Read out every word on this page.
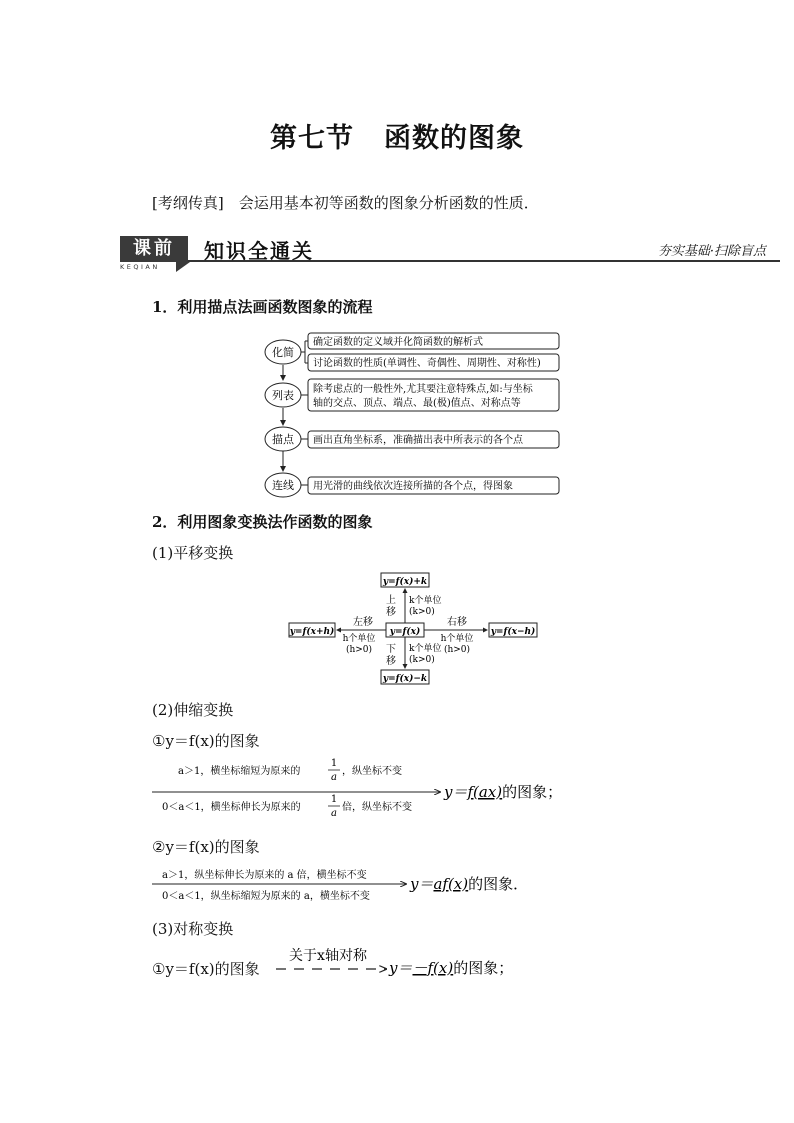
第七节 函数的图象
[考纲传真]　会运用基本初等函数的图象分析函数的性质．
课前
KEQIAN
知识全通关	夯实基础·扫除盲点
1．利用描点法画函数图象的流程
化简
列表
描点
连线
确定函数的定义域并化简函数的解析式
讨论函数的性质(单调性、奇偶性、周期性、对称性)
除考虑点的一般性外,尤其要注意特殊点,如:与坐标
轴的交点、顶点、端点、最(极)值点、对称点等
画出直角坐标系，准确描出表中所表示的各个点
用光滑的曲线依次连接所描的各个点，得图象
2．利用图象变换法作函数的图象
(1)平移变换
y=f(x)+k
y=f(x)−k
y=f(x)
y=f(x+h)	y=f(x−h)
上
移
k个单位
(k>0)
下
移
k个单位
(k>0)
左移
h个单位
(h>0)
右移
h个单位
(h>0)
(2)伸缩变换
①y＝f(x)的图象
a＞1，横坐标缩短为原来的
1
a
，纵坐标不变
0＜a＜1，横坐标伸长为原来的
1
a
倍，纵坐标不变
y＝f(ax)的图象；
②y＝f(x)的图象
a＞1，纵坐标伸长为原来的 a 倍，横坐标不变
0＜a＜1，纵坐标缩短为原来的 a，横坐标不变
y＝af(x)的图象．
(3)对称变换
①y＝f(x)的图象
关于x轴对称
y＝－f(x)的图象；
